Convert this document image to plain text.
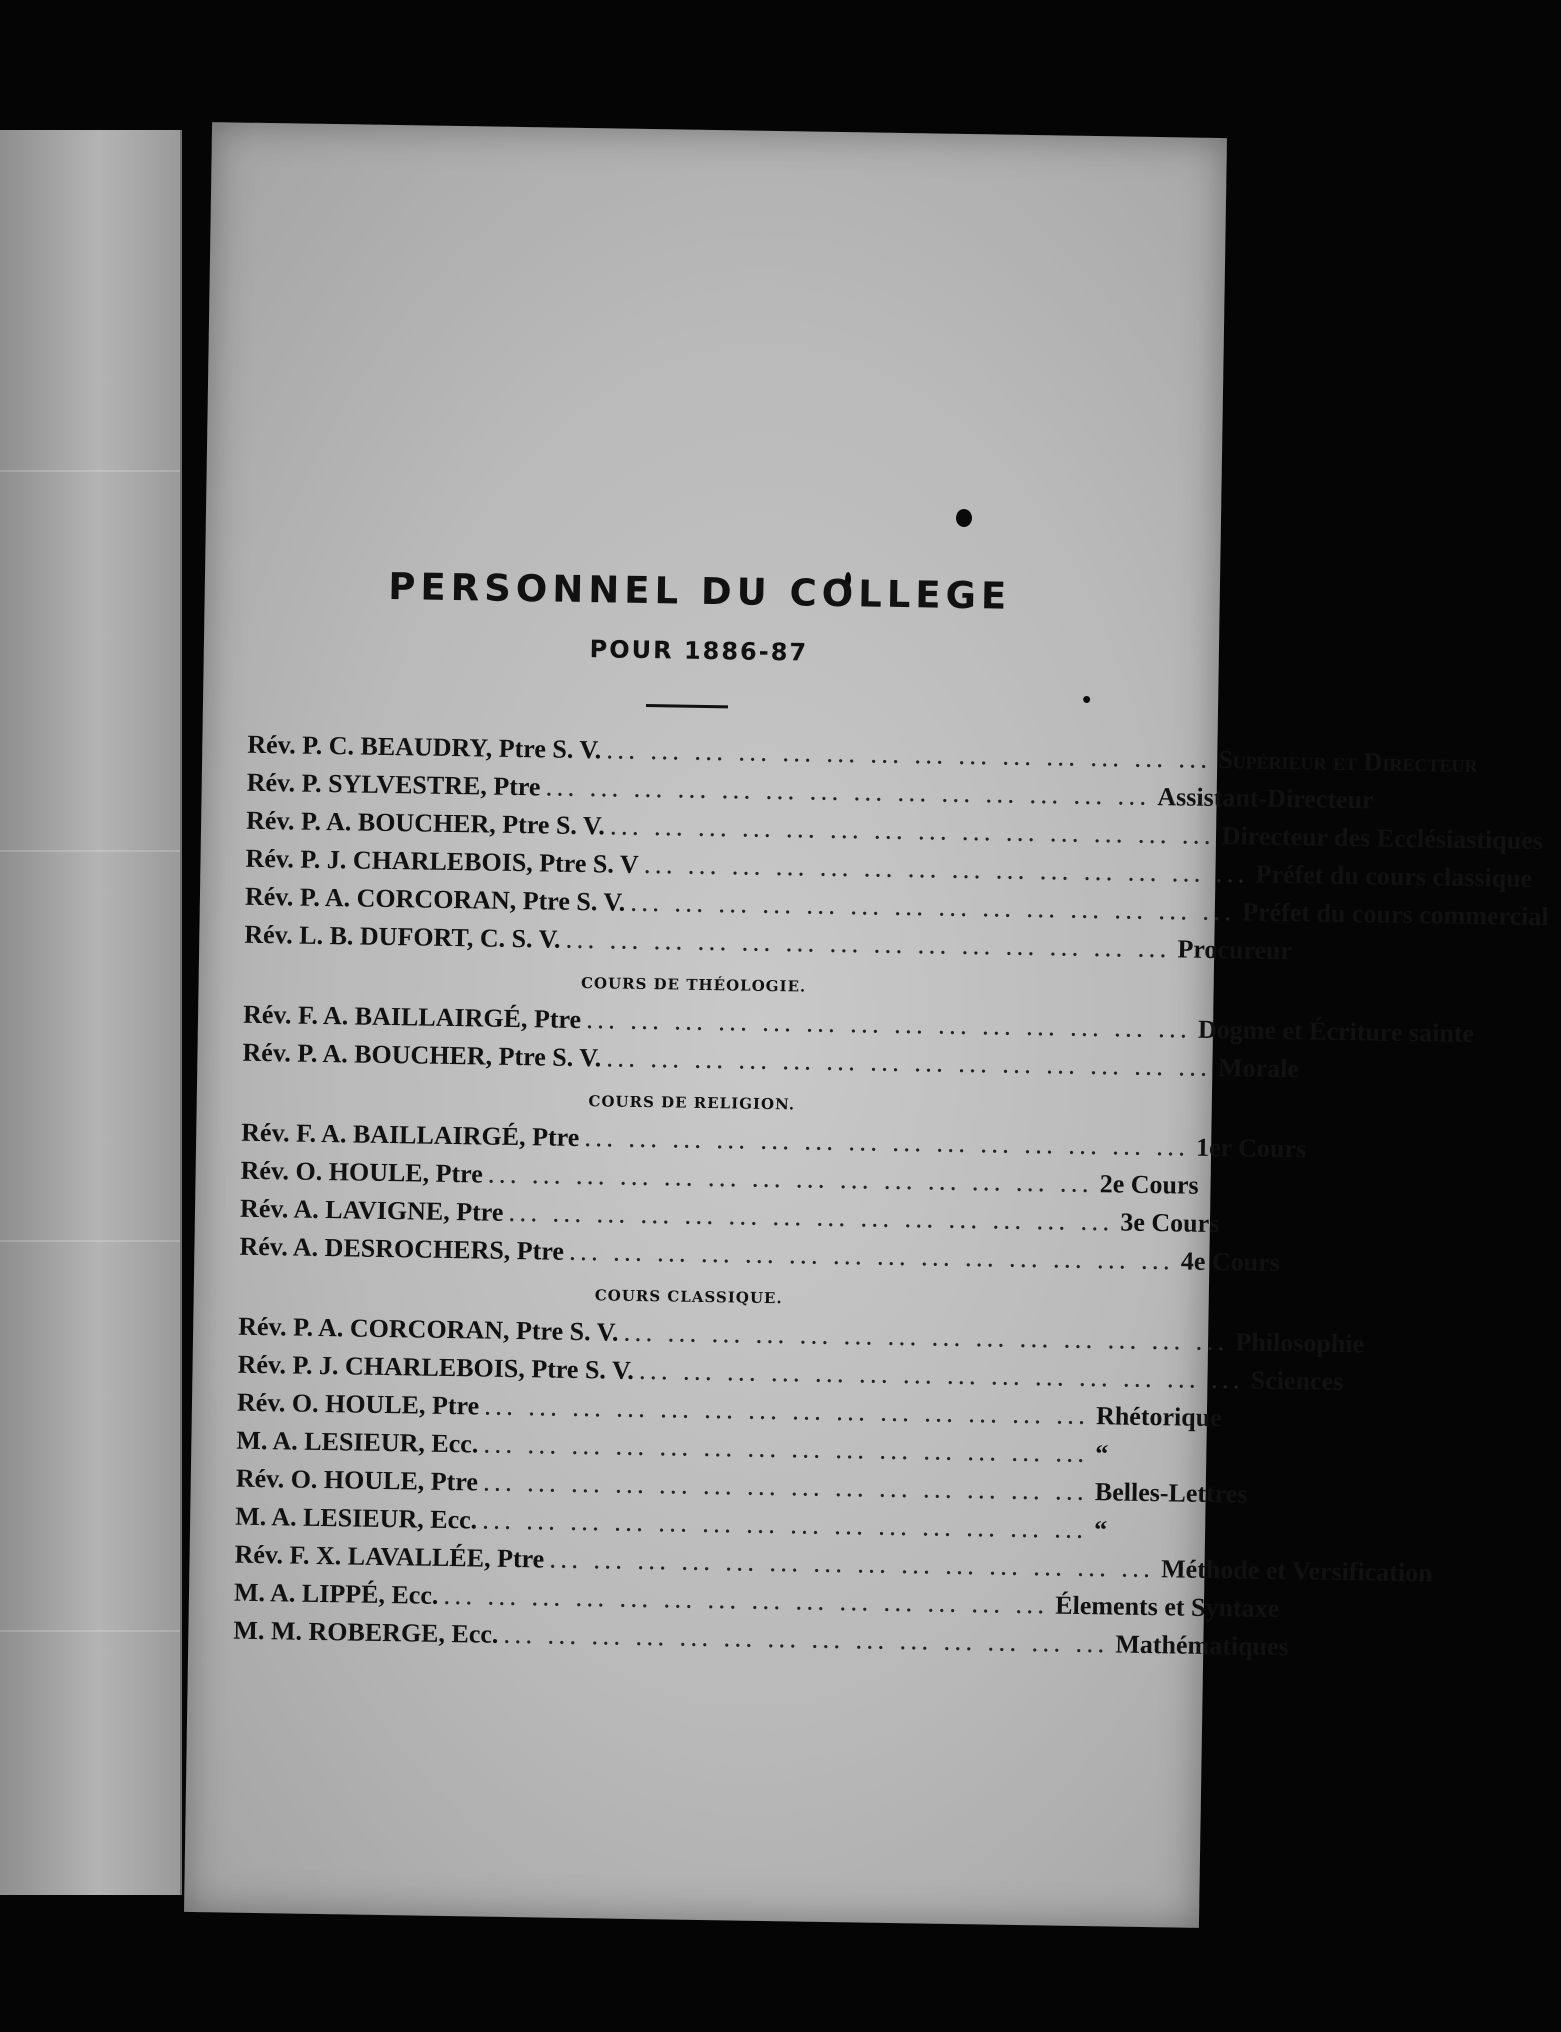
PERSONNEL DU COLLEGE
POUR 1886-87
Rév. P. C. BEAUDRY, Ptre S. V. ... ... ... ... ... ... ... ... ... ... ... ... ... ... Supérieur et Directeur
Rév. P. SYLVESTRE, Ptre ... ... ... ... ... ... ... ... ... ... ... ... ... ... Assistant-Directeur
Rév. P. A. BOUCHER, Ptre S. V. ... ... ... ... ... ... ... ... ... ... ... ... ... ... Directeur des Ecclésiastiques
Rév. P. J. CHARLEBOIS, Ptre S. V ... ... ... ... ... ... ... ... ... ... ... ... ... ... Préfet du cours classique
Rév. P. A. CORCORAN, Ptre S. V. ... ... ... ... ... ... ... ... ... ... ... ... ... ... Préfet du cours commercial
Rév. L. B. DUFORT, C. S. V. ... ... ... ... ... ... ... ... ... ... ... ... ... ... Procureur
COURS DE THÉOLOGIE.
Rév. F. A. BAILLAIRGÉ, Ptre ... ... ... ... ... ... ... ... ... ... ... ... ... ... Dogme et Écriture sainte
Rév. P. A. BOUCHER, Ptre S. V. ... ... ... ... ... ... ... ... ... ... ... ... ... ... Morale
COURS DE RELIGION.
Rév. F. A. BAILLAIRGÉ, Ptre ... ... ... ... ... ... ... ... ... ... ... ... ... ... 1er Cours
Rév. O. HOULE, Ptre ... ... ... ... ... ... ... ... ... ... ... ... ... ... 2e Cours
Rév. A. LAVIGNE, Ptre ... ... ... ... ... ... ... ... ... ... ... ... ... ... 3e Cours
Rév. A. DESROCHERS, Ptre ... ... ... ... ... ... ... ... ... ... ... ... ... ... 4e Cours
COURS CLASSIQUE.
Rév. P. A. CORCORAN, Ptre S. V. ... ... ... ... ... ... ... ... ... ... ... ... ... ... Philosophie
Rév. P. J. CHARLEBOIS, Ptre S. V. ... ... ... ... ... ... ... ... ... ... ... ... ... ... Sciences
Rév. O. HOULE, Ptre ... ... ... ... ... ... ... ... ... ... ... ... ... ... Rhétorique
M. A. LESIEUR, Ecc. ... ... ... ... ... ... ... ... ... ... ... ... ... ... “
Rév. O. HOULE, Ptre ... ... ... ... ... ... ... ... ... ... ... ... ... ... Belles-Lettres
M. A. LESIEUR, Ecc. ... ... ... ... ... ... ... ... ... ... ... ... ... ... “
Rév. F. X. LAVALLÉE, Ptre ... ... ... ... ... ... ... ... ... ... ... ... ... ... Méthode et Versification
M. A. LIPPÉ, Ecc. ... ... ... ... ... ... ... ... ... ... ... ... ... ... Élements et Syntaxe
M. M. ROBERGE, Ecc. ... ... ... ... ... ... ... ... ... ... ... ... ... ... Mathématiques
